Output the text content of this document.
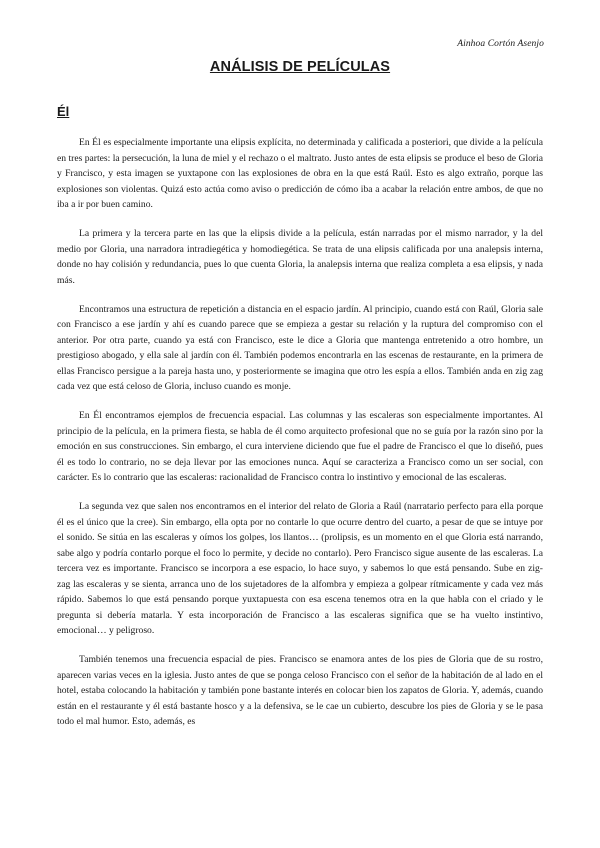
Ainhoa Cortón Asenjo
ANÁLISIS DE PELÍCULAS
Él

En Él es especialmente importante una elipsis explícita, no determinada y calificada a posteriori, que divide a la película en tres partes: la persecución, la luna de miel y el rechazo o el maltrato. Justo antes de esta elipsis se produce el beso de Gloria y Francisco, y esta imagen se yuxtapone con las explosiones de obra en la que está Raúl. Esto es algo extraño, porque las explosiones son violentas. Quizá esto actúa como aviso o predicción de cómo iba a acabar la relación entre ambos, de que no iba a ir por buen camino.

La primera y la tercera parte en las que la elipsis divide a la película, están narradas por el mismo narrador, y la del medio por Gloria, una narradora intradiegética y homodiegética. Se trata de una elipsis calificada por una analepsis interna, donde no hay colisión y redundancia, pues lo que cuenta Gloria, la analepsis interna que realiza completa a esa elipsis, y nada más.

Encontramos una estructura de repetición a distancia en el espacio jardín. Al principio, cuando está con Raúl, Gloria sale con Francisco a ese jardín y ahí es cuando parece que se empieza a gestar su relación y la ruptura del compromiso con el anterior. Por otra parte, cuando ya está con Francisco, este le dice a Gloria que mantenga entretenido a otro hombre, un prestigioso abogado, y ella sale al jardín con él. También podemos encontrarla en las escenas de restaurante, en la primera de ellas Francisco persigue a la pareja hasta uno, y posteriormente se imagina que otro les espía a ellos. También anda en zig zag cada vez que está celoso de Gloria, incluso cuando es monje.

En Él encontramos ejemplos de frecuencia espacial. Las columnas y las escaleras son especialmente importantes. Al principio de la película, en la primera fiesta, se habla de él como arquitecto profesional que no se guía por la razón sino por la emoción en sus construcciones. Sin embargo, el cura interviene diciendo que fue el padre de Francisco el que lo diseñó, pues él es todo lo contrario, no se deja llevar por las emociones nunca. Aquí se caracteriza a Francisco como un ser social, con carácter. Es lo contrario que las escaleras: racionalidad de Francisco contra lo instintivo y emocional de las escaleras.

La segunda vez que salen nos encontramos en el interior del relato de Gloria a Raúl (narratario perfecto para ella porque él es el único que la cree). Sin embargo, ella opta por no contarle lo que ocurre dentro del cuarto, a pesar de que se intuye por el sonido. Se sitúa en las escaleras y oímos los golpes, los llantos… (prolipsis, es un momento en el que Gloria está narrando, sabe algo y podría contarlo porque el foco lo permite, y decide no contarlo). Pero Francisco sigue ausente de las escaleras. La tercera vez es importante. Francisco se incorpora a ese espacio, lo hace suyo, y sabemos lo que está pensando. Sube en zig-zag las escaleras y se sienta, arranca uno de los sujetadores de la alfombra y empieza a golpear rítmicamente y cada vez más rápido. Sabemos lo que está pensando porque yuxtapuesta con esa escena tenemos otra en la que habla con el criado y le pregunta si debería matarla. Y esta incorporación de Francisco a las escaleras significa que se ha vuelto instintivo, emocional… y peligroso.

También tenemos una frecuencia espacial de pies. Francisco se enamora antes de los pies de Gloria que de su rostro, aparecen varias veces en la iglesia. Justo antes de que se ponga celoso Francisco con el señor de la habitación de al lado en el hotel, estaba colocando la habitación y también pone bastante interés en colocar bien los zapatos de Gloria. Y, además, cuando están en el restaurante y él está bastante hosco y a la defensiva, se le cae un cubierto, descubre los pies de Gloria y se le pasa todo el mal humor. Esto, además, es
